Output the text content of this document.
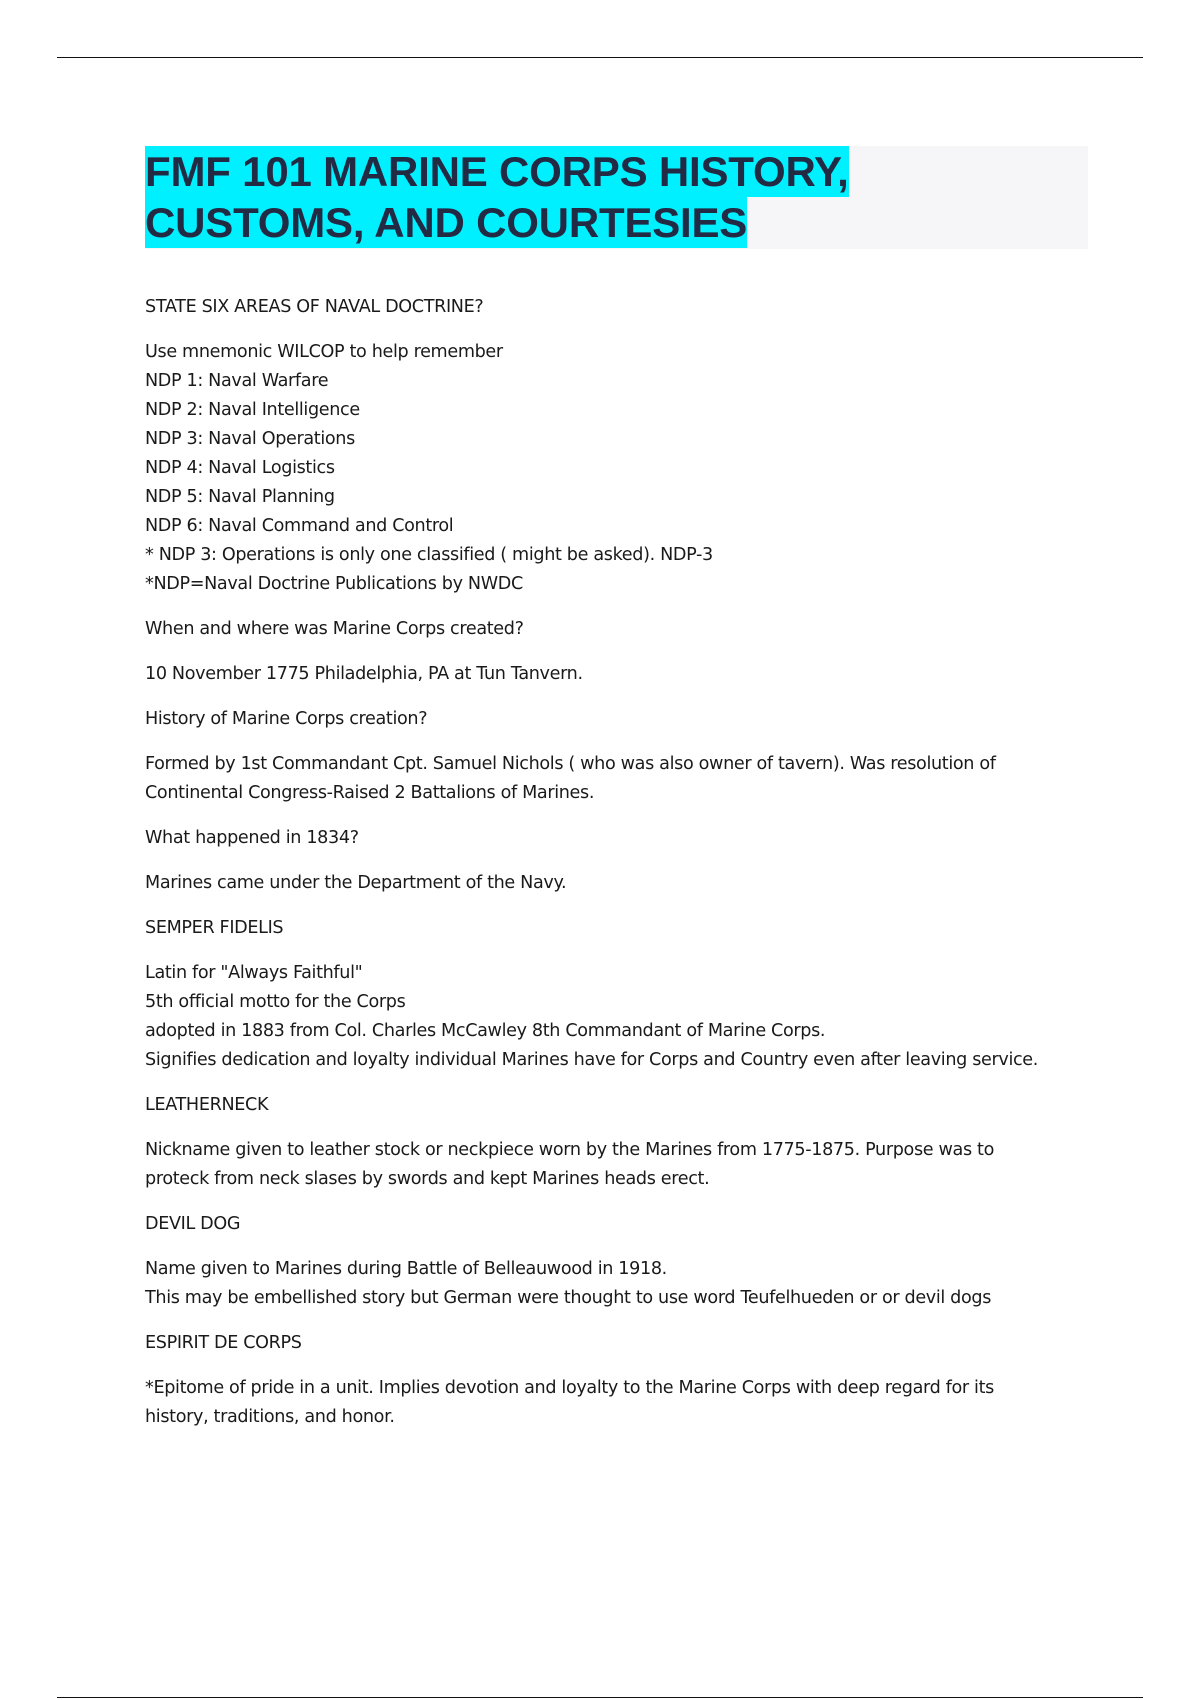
FMF 101 MARINE CORPS HISTORY,
CUSTOMS, AND COURTESIES

STATE SIX AREAS OF NAVAL DOCTRINE?

Use mnemonic WILCOP to help remember
NDP 1: Naval Warfare
NDP 2: Naval Intelligence
NDP 3: Naval Operations
NDP 4: Naval Logistics
NDP 5: Naval Planning
NDP 6: Naval Command and Control
* NDP 3: Operations is only one classified ( might be asked). NDP-3
*NDP=Naval Doctrine Publications by NWDC

When and where was Marine Corps created?

10 November 1775 Philadelphia, PA at Tun Tanvern.

History of Marine Corps creation?

Formed by 1st Commandant Cpt. Samuel Nichols ( who was also owner of tavern). Was resolution of
Continental Congress-Raised 2 Battalions of Marines.

What happened in 1834?

Marines came under the Department of the Navy.

SEMPER FIDELIS

Latin for "Always Faithful"
5th official motto for the Corps
adopted in 1883 from Col. Charles McCawley 8th Commandant of Marine Corps.
Signifies dedication and loyalty individual Marines have for Corps and Country even after leaving service.

LEATHERNECK

Nickname given to leather stock or neckpiece worn by the Marines from 1775-1875. Purpose was to
proteck from neck slases by swords and kept Marines heads erect.

DEVIL DOG

Name given to Marines during Battle of Belleauwood in 1918.
This may be embellished story but German were thought to use word Teufelhueden or or devil dogs

ESPIRIT DE CORPS

*Epitome of pride in a unit. Implies devotion and loyalty to the Marine Corps with deep regard for its
history, traditions, and honor.
